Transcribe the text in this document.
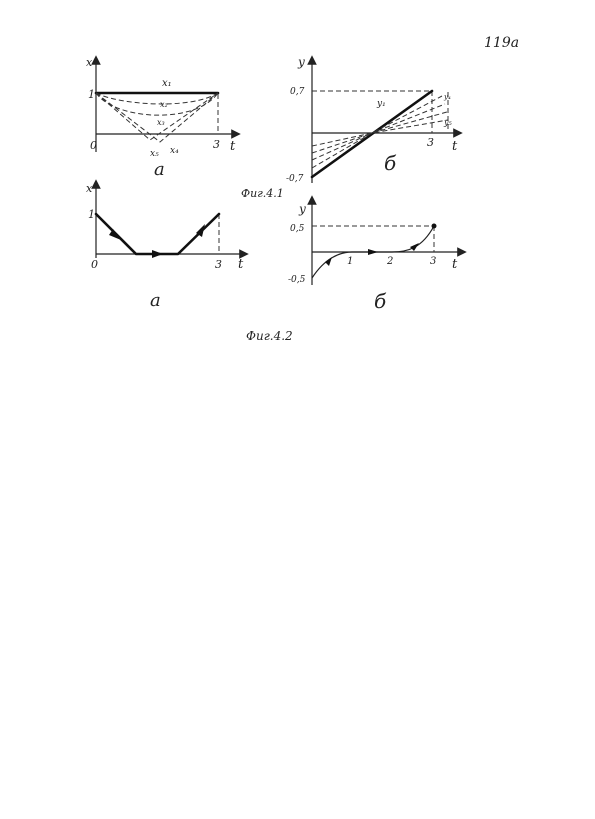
119а
x
t
1
0	3
x₁
x₂
x₃
x₅ x₄
а
y
t
0,7
-0,7
3
y₁
y₄
y₅
б
Фиг.4.1
x
t
1
0	3
а
y
t
0,5
-0,5
1	2	3
б
Фиг.4.2
